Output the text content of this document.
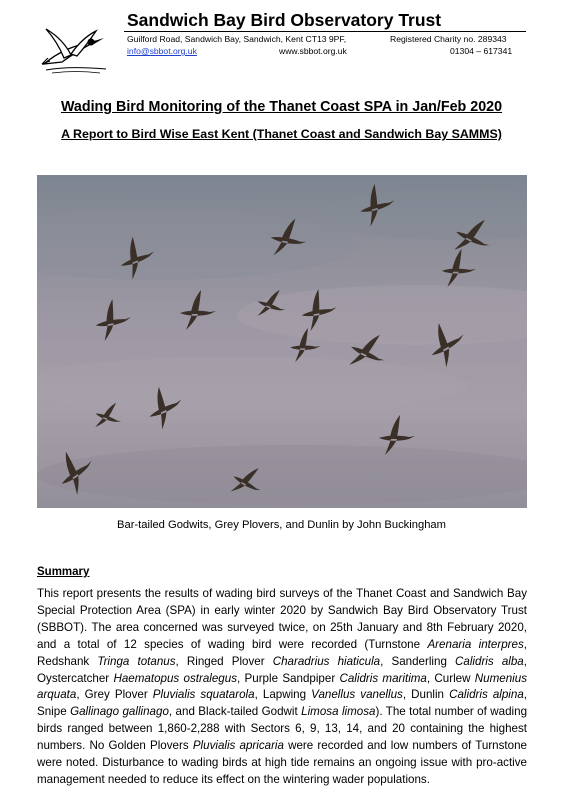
Sandwich Bay Bird Observatory Trust
Guilford Road, Sandwich Bay, Sandwich, Kent CT13 9PF,	Registered Charity no. 289343
info@sbbot.org.uk	www.sbbot.org.uk	01304 – 617341
Wading Bird Monitoring of the Thanet Coast SPA in Jan/Feb 2020
A Report to Bird Wise East Kent (Thanet Coast and Sandwich Bay SAMMS)
Bar-tailed Godwits, Grey Plovers, and Dunlin by John Buckingham
Summary
This report presents the results of wading bird surveys of the Thanet Coast and Sandwich Bay Special Protection Area (SPA) in early winter 2020 by Sandwich Bay Bird Observatory Trust (SBBOT). The area concerned was surveyed twice, on 25th January and 8th February 2020, and a total of 12 species of wading bird were recorded (Turnstone Arenaria interpres, Redshank Tringa totanus, Ringed Plover Charadrius hiaticula, Sanderling Calidris alba, Oystercatcher Haematopus ostralegus, Purple Sandpiper Calidris maritima, Curlew Numenius arquata, Grey Plover Pluvialis squatarola, Lapwing Vanellus vanellus, Dunlin Calidris alpina, Snipe Gallinago gallinago, and Black-tailed Godwit Limosa limosa). The total number of wading birds ranged between 1,860-2,288 with Sectors 6, 9, 13, 14, and 20 containing the highest numbers. No Golden Plovers Pluvialis apricaria were recorded and low numbers of Turnstone were noted. Disturbance to wading birds at high tide remains an ongoing issue with pro-active management needed to reduce its effect on the wintering wader populations.
